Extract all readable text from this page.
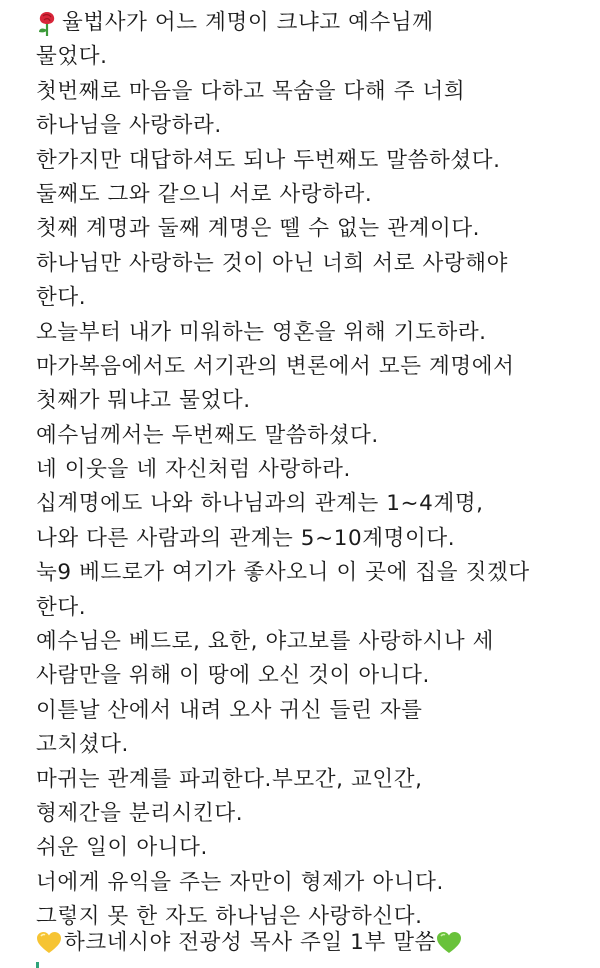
율법사가 어느 계명이 크냐고 예수님께
물었다.
첫번째로 마음을 다하고 목숨을 다해 주 너희
하나님을 사랑하라.
한가지만 대답하셔도 되나 두번째도 말씀하셨다.
둘째도 그와 같으니 서로 사랑하라.
첫째 계명과 둘째 계명은 뗄 수 없는 관계이다.
하나님만 사랑하는 것이 아닌 너희 서로 사랑해야
한다.
오늘부터 내가 미워하는 영혼을 위해 기도하라.
마가복음에서도 서기관의 변론에서 모든 계명에서
첫째가 뭐냐고 물었다.
예수님께서는 두번째도 말씀하셨다.
네 이웃을 네 자신처럼 사랑하라.
십계명에도 나와 하나님과의 관계는 1~4계명,
나와 다른 사람과의 관계는 5~10계명이다.
눅9 베드로가 여기가 좋사오니 이 곳에 집을 짓겠다
한다.
예수님은 베드로, 요한, 야고보를 사랑하시나 세
사람만을 위해 이 땅에 오신 것이 아니다.
이튿날 산에서 내려 오사 귀신 들린 자를
고치셨다.
마귀는 관계를 파괴한다.부모간, 교인간,
형제간을 분리시킨다.
쉬운 일이 아니다.
너에게 유익을 주는 자만이 형제가 아니다.
그렇지 못 한 자도 하나님은 사랑하신다.
하크네시야 전광성 목사 주일 1부 말씀
